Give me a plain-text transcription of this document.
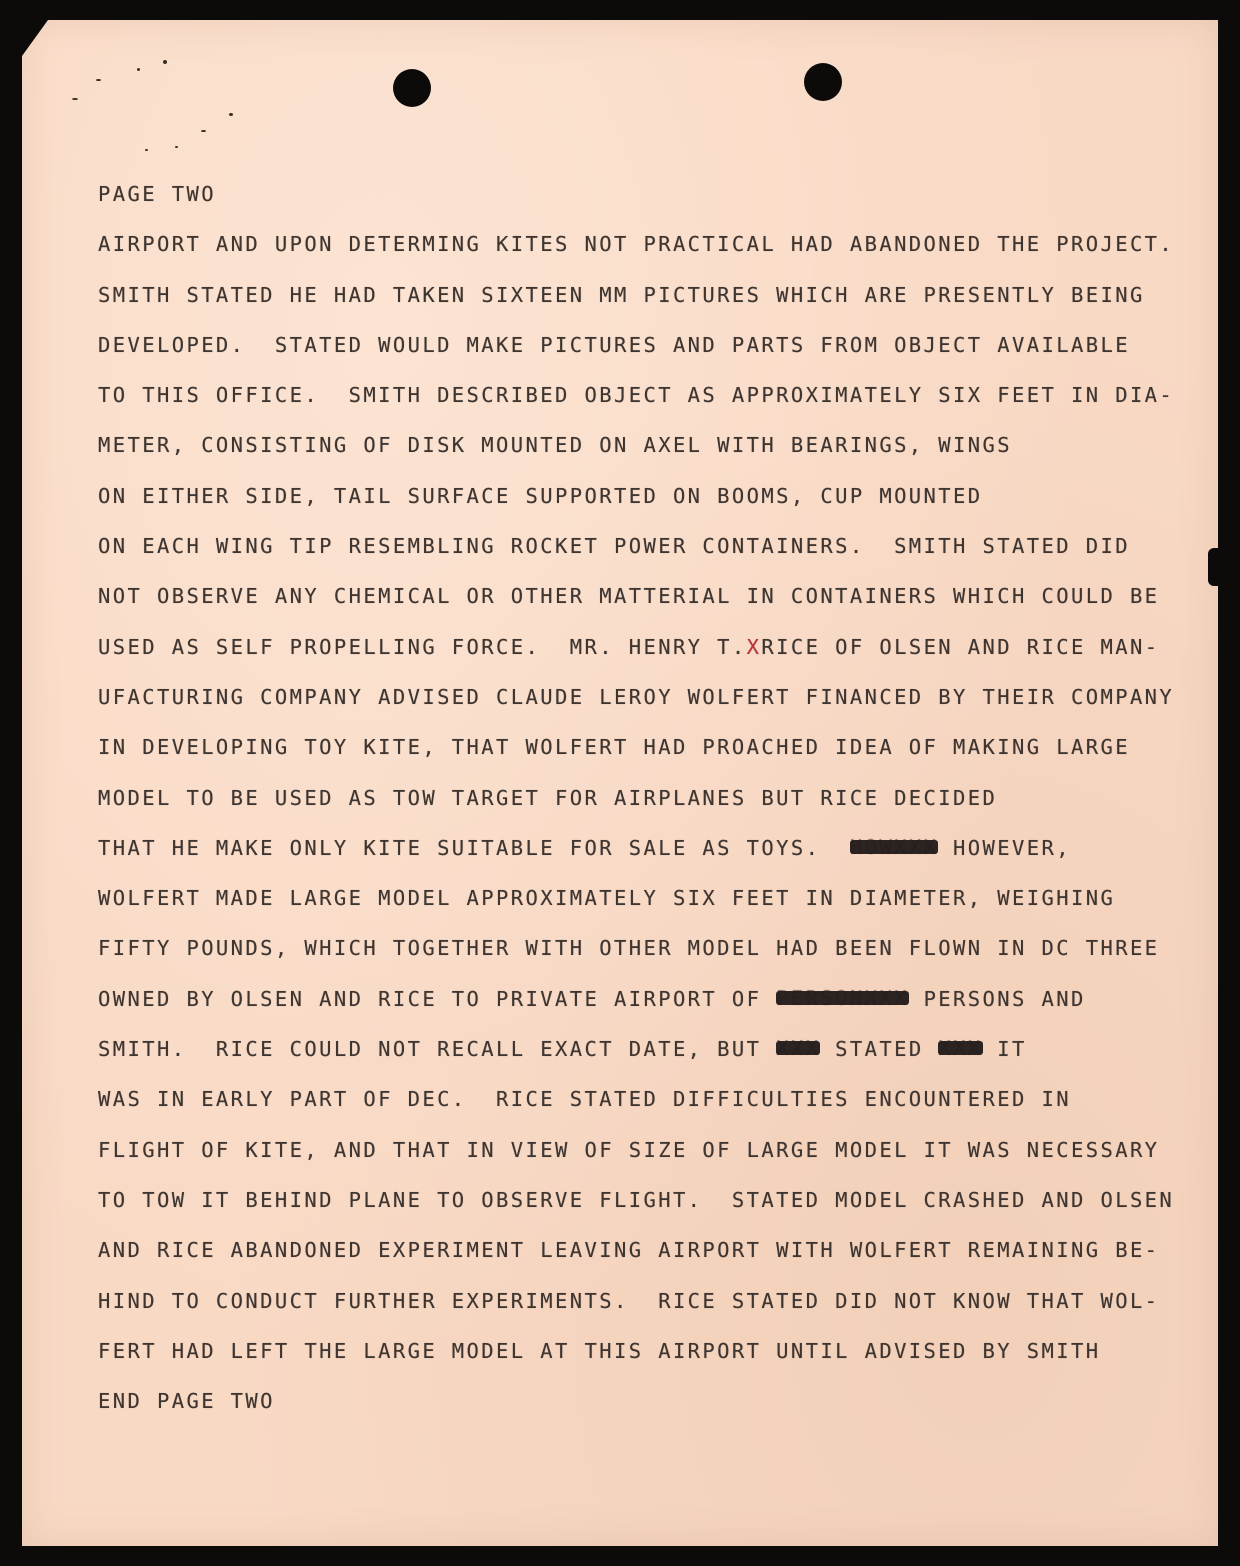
PAGE TWO
AIRPORT AND UPON DETERMING KITES NOT PRACTICAL HAD ABANDONED THE PROJECT.
SMITH STATED HE HAD TAKEN SIXTEEN MM PICTURES WHICH ARE PRESENTLY BEING
DEVELOPED.  STATED WOULD MAKE PICTURES AND PARTS FROM OBJECT AVAILABLE
TO THIS OFFICE.  SMITH DESCRIBED OBJECT AS APPROXIMATELY SIX FEET IN DIA-
METER, CONSISTING OF DISK MOUNTED ON AXEL WITH BEARINGS, WINGS
ON EITHER SIDE, TAIL SURFACE SUPPORTED ON BOOMS, CUP MOUNTED
ON EACH WING TIP RESEMBLING ROCKET POWER CONTAINERS.  SMITH STATED DID
NOT OBSERVE ANY CHEMICAL OR OTHER MATTERIAL IN CONTAINERS WHICH COULD BE
USED AS SELF PROPELLING FORCE.  MR. HENRY T.XRICE OF OLSEN AND RICE MAN-
UFACTURING COMPANY ADVISED CLAUDE LEROY WOLFERT FINANCED BY THEIR COMPANY
IN DEVELOPING TOY KITE, THAT WOLFERT HAD PROACHED IDEA OF MAKING LARGE
MODEL TO BE USED AS TOW TARGET FOR AIRPLANES BUT RICE DECIDED
THAT HE MAKE ONLY KITE SUITABLE FOR SALE AS TOYS.  HOWXXX HOWEVER,
WOLFERT MADE LARGE MODEL APPROXIMATELY SIX FEET IN DIAMETER, WEIGHING
FIFTY POUNDS, WHICH TOGETHER WITH OTHER MODEL HAD BEEN FLOWN IN DC THREE
OWNED BY OLSEN AND RICE TO PRIVATE AIRPORT OF PERSONXXX PERSONS AND
SMITH.  RICE COULD NOT RECALL EXACT DATE, BUT XXX STATED XXX IT
WAS IN EARLY PART OF DEC.  RICE STATED DIFFICULTIES ENCOUNTERED IN
FLIGHT OF KITE, AND THAT IN VIEW OF SIZE OF LARGE MODEL IT WAS NECESSARY
TO TOW IT BEHIND PLANE TO OBSERVE FLIGHT.  STATED MODEL CRASHED AND OLSEN
AND RICE ABANDONED EXPERIMENT LEAVING AIRPORT WITH WOLFERT REMAINING BE-
HIND TO CONDUCT FURTHER EXPERIMENTS.  RICE STATED DID NOT KNOW THAT WOL-
FERT HAD LEFT THE LARGE MODEL AT THIS AIRPORT UNTIL ADVISED BY SMITH
END PAGE TWO
